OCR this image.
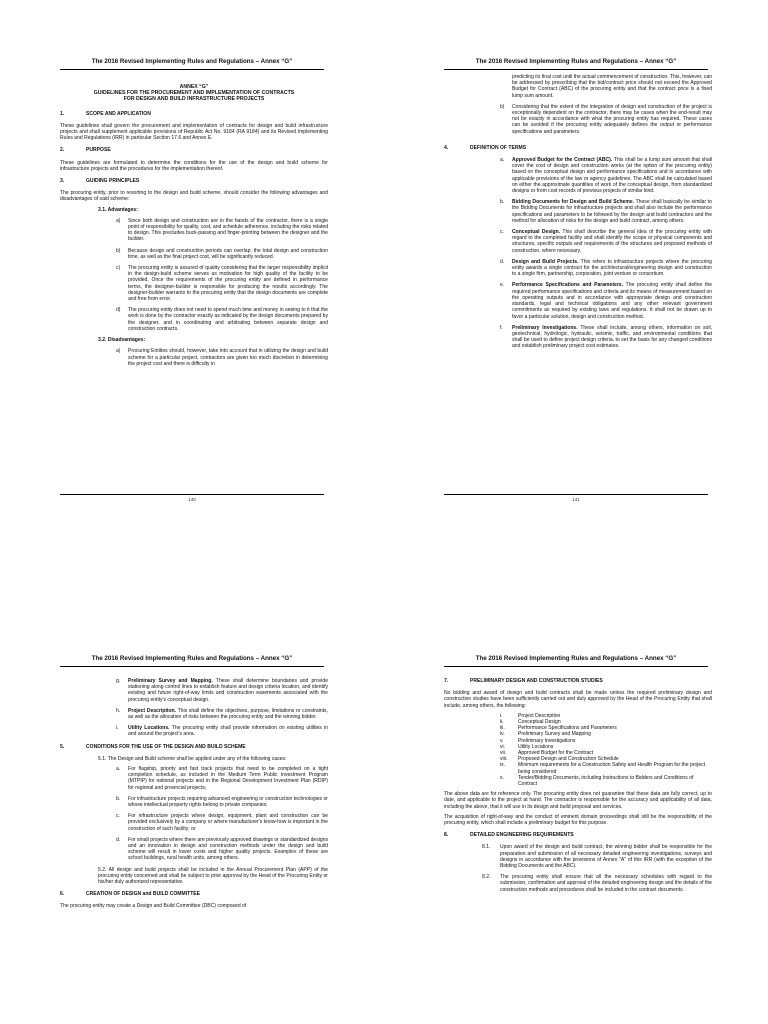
The 2016 Revised Implementing Rules and Regulations – Annex “G”
ANNEX “G”
GUIDELINES FOR THE PROCUREMENT AND IMPLEMENTATION OF CONTRACTS
FOR DESIGN AND BUILD INFRASTRUCTURE PROJECTS
1.	SCOPE AND APPLICATION

These guidelines shall govern the procurement and implementation of contracts for design and build infrastructure projects and shall supplement applicable provisions of Republic Act No. 9184 (RA 9184) and its Revised Implementing Rules and Regulations (IRR) in particular Section 17.6 and Annex E.

2.	PURPOSE

These guidelines are formulated to determine the conditions for the use of the design and build scheme for infrastructure projects and the procedures for the implementation thereof.

3.	GUIDING PRINCIPLES

The procuring entity, prior to resorting to the design and build scheme, should consider the following advantages and disadvantages of said scheme:

3.1. Advantages:
a)	Since both design and construction are in the hands of the contractor, there is a single point of responsibility for quality, cost, and schedule adherence, including the risks related to design. This precludes buck-passing and finger-pointing between the designer and the builder.
b)	Because design and construction periods can overlap, the total design and construction time, as well as the final project cost, will be significantly reduced.
c)	The procuring entity is assured of quality considering that the larger responsibility implicit in the design-build scheme serves as motivation for high quality of the facility to be provided. Once the requirements of the procuring entity are defined in performance terms, the designer-builder is responsible for producing the results accordingly. The designer-builder warrants to the procuring entity that the design documents are complete and free from error.
d)	The procuring entity does not need to spend much time and money in seeing to it that the work is done by the contractor exactly as indicated by the design documents prepared by the designer, and in coordinating and arbitrating between separate design and construction contracts.
3.2. Disadvantages:
a)	Procuring Entities should, however, take into account that in utilizing the design and build scheme for a particular project, contractors are given too much discretion in determining the project cost and there is difficulty in
140
The 2016 Revised Implementing Rules and Regulations – Annex “G”
predicting its final cost until the actual commencement of construction. This, however, can be addressed by prescribing that the bid/contract price should not exceed the Approved Budget for Contract (ABC) of the procuring entity and that the contract price is a fixed lump sum amount.
b)	Considering that the extent of the integration of design and construction of the project is exceptionally dependent on the contractor, there may be cases when the end-result may not be exactly in accordance with what the procuring entity has required. These cases can be avoided if the procuring entity adequately defines the output or performance specifications and parameters.
4.	DEFINITION OF TERMS
a.	Approved Budget for the Contract (ABC). This shall be a lump sum amount that shall cover the cost of design and construction works (at the option of the procuring entity) based on the conceptual design and performance specifications and in accordance with applicable provisions of the law or agency guidelines. The ABC shall be calculated based on either the approximate quantities of work of the conceptual design, from standardized designs or from cost records of previous projects of similar kind.
b.	Bidding Documents for Design and Build Scheme. These shall basically be similar to the Bidding Documents for infrastructure projects and shall also include the performance specifications and parameters to be followed by the design and build contractors and the method for allocation of risks for the design and build contract, among others.
c.	Conceptual Design. This shall describe the general idea of the procuring entity with regard to the completed facility and shall identify the scope or physical components and structures, specific outputs and requirements of the structures and proposed methods of construction, where necessary.
d.	Design and Build Projects. This refers to infrastructure projects where the procuring entity awards a single contract for the architectural/engineering design and construction to a single firm, partnership, corporation, joint venture or consortium.
e.	Performance Specifications and Parameters. The procuring entity shall define the required performance specifications and criteria and its means of measurement based on the operating outputs and in accordance with appropriate design and construction standards, legal and technical obligations and any other relevant government commitments as required by existing laws and regulations. It shall not be drawn up to favor a particular solution, design and construction method.
f.	Preliminary Investigations. These shall include, among others, information on soil, geotechnical, hydrologic, hydraulic, seismic, traffic, and environmental conditions that shall be used to define project design criteria, to set the basis for any changed conditions and establish preliminary project cost estimates.
141
The 2016 Revised Implementing Rules and Regulations – Annex “G”
g.	Preliminary Survey and Mapping. These shall determine boundaries and provide stationing along control lines to establish feature and design criteria location, and identify existing and future right-of-way limits and construction easements associated with the procuring entity's conceptual design.
h.	Project Description. This shall define the objectives, purpose, limitations or constraints, as well as the allocation of risks between the procuring entity and the winning bidder.
i.	Utility Locations. The procuring entity shall provide information on existing utilities in and around the project's area.
5.	CONDITIONS FOR THE USE OF THE DESIGN AND BUILD SCHEME

5.1. The Design and Build scheme shall be applied under any of the following cases:

a.	For flagship, priority and fast track projects that need to be completed on a tight completion schedule, as included in the Medium Term Public Investment Program (MTPIP) for national projects and in the Regional Development Investment Plan (RDIP) for regional and provincial projects;
b.	For infrastructure projects requiring advanced engineering or construction technologies or whose intellectual property rights belong to private companies;
c.	For infrastructure projects where design, equipment, plant and construction can be provided exclusively by a company or where manufacturer's know-how is important in the construction of such facility; or
d.	For small projects where there are previously approved drawings or standardized designs and an innovation in design and construction methods under the design and build scheme will result in lower costs and higher quality projects. Examples of these are school buildings, rural health units, among others.

5.2. All design and build projects shall be included in the Annual Procurement Plan (APP) of the procuring entity concerned and shall be subject to prior approval by the Head of the Procuring Entity or his/her duly authorized representative.

6.	CREATION OF DESIGN and BUILD COMMITTEE

The procuring entity may create a Design and Build Committee (DBC) composed of

The 2016 Revised Implementing Rules and Regulations – Annex “G”
7.	PRELIMINARY DESIGN AND CONSTRUCTION STUDIES

No bidding and award of design and build contracts shall be made unless the required preliminary design and construction studies have been sufficiently carried out and duly approved by the Head of the Procuring Entity that shall include, among others, the following:

i.	Project Description
ii.	Conceptual Design
iii.	Performance Specifications and Parameters
iv.	Preliminary Survey and Mapping
v.	Preliminary Investigations
vi.	Utility Locations
vii.	Approved Budget for the Contract
viii.	Proposed Design and Construction Schedule
ix.	Minimum requirements for a Construction Safety and Health Program for the project being considered
x.	Tender/Bidding Documents, including Instructions to Bidders and Conditions of Contract

The above data are for reference only. The procuring entity does not guarantee that these data are fully correct, up to date, and applicable to the project at hand. The contractor is responsible for the accuracy and applicability of all data, including the above, that it will use in its design and build proposal and services.

The acquisition of right-of-way and the conduct of eminent domain proceedings shall still be the responsibility of the procuring entity, which shall include a preliminary budget for this purpose.

8.	DETAILED ENGINEERING REQUIREMENTS
8.1.	Upon award of the design and build contract, the winning bidder shall be responsible for the preparation and submission of all necessary detailed engineering investigations, surveys and designs in accordance with the provisions of Annex "A" of this IRR (with the exception of the Bidding Documents and the ABC).
8.2.	The procuring entity shall ensure that all the necessary schedules with regard to the submission, confirmation and approval of the detailed engineering design and the details of the construction methods and procedures shall be included in the contract documents.
